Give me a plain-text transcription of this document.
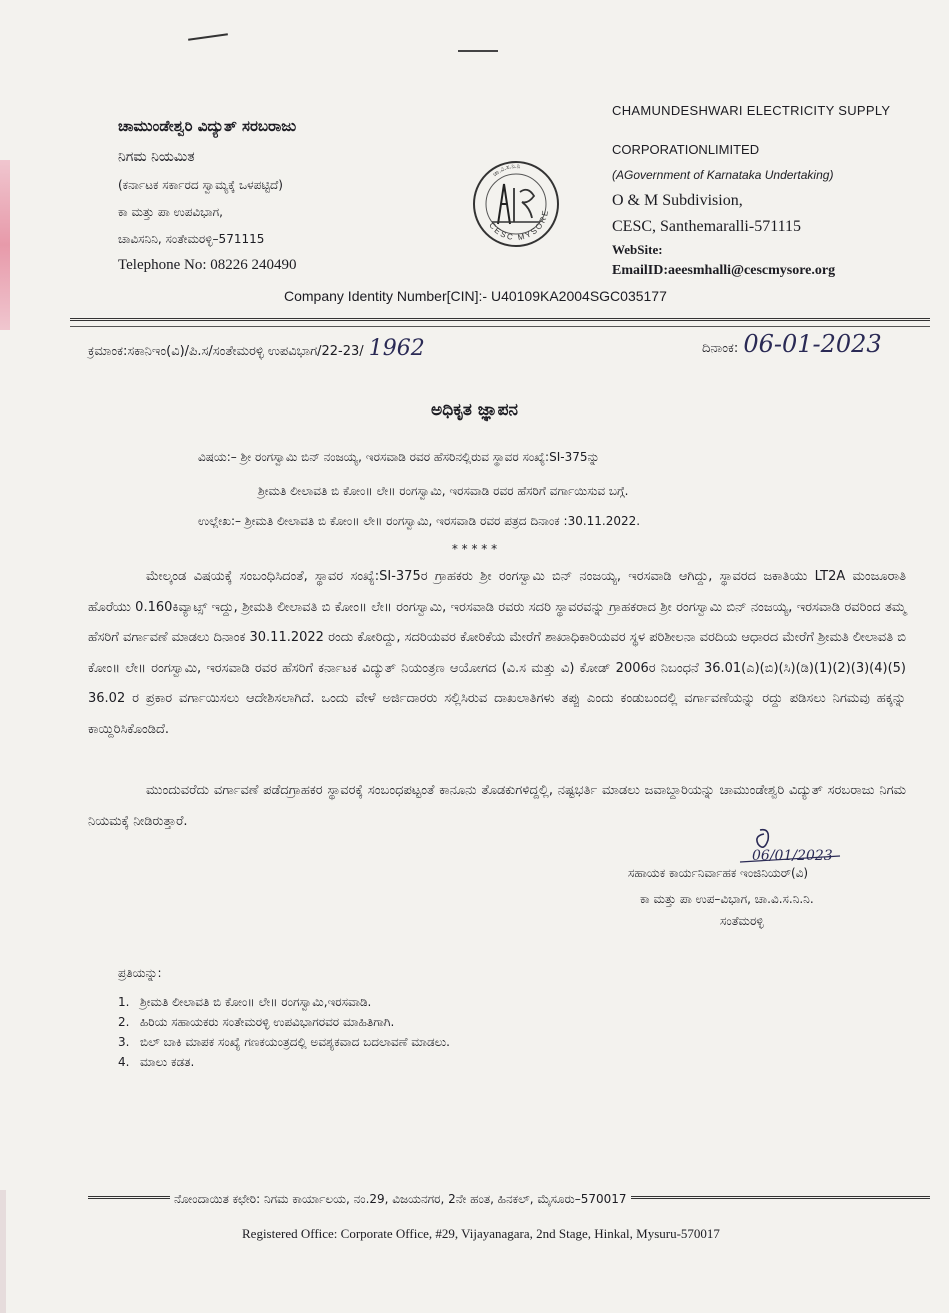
ಚಾಮುಂಡೇಶ್ವರಿ ವಿದ್ಯುತ್ ಸರಬರಾಜು
ನಿಗಮ ನಿಯಮಿತ
(ಕರ್ನಾಟಕ ಸರ್ಕಾರದ ಸ್ವಾಮ್ಯಕ್ಕೆ ಒಳಪಟ್ಟಿದೆ)
ಕಾ ಮತ್ತು ಪಾ ಉಪವಿಭಾಗ,
ಚಾವಿಸನಿನಿ, ಸಂತೇಮರಳ್ಳಿ–571115
Telephone No: 08226 240490
CESC MYSORE
ಚಾ.ವಿ.ಸ.ನಿ.ನಿ
CHAMUNDESHWARI ELECTRICITY SUPPLY
CORPORATIONLIMITED
(AGovernment of Karnataka Undertaking)
O & M Subdivision,
CESC, Santhemaralli-571115
WebSite:
EmailID:aeesmhalli@cescmysore.org
Company Identity Number[CIN]:- U40109KA2004SGC035177
ಕ್ರಮಾಂಕ:ಸಕಾನಿಇಂ(ವಿ)/ಪಿ.ಸ/ಸಂತೇಮರಳ್ಳಿ ಉಪವಿಭಾಗ/22-23/ 1962	ದಿನಾಂಕ: 06-01-2023
ಅಧಿಕೃತ ಜ್ಞಾಪನ
ವಿಷಯ:– ಶ್ರೀ ರಂಗಸ್ವಾಮಿ ಬಿನ್ ನಂಜಯ್ಯ, ಇರಸವಾಡಿ ರವರ ಹೆಸರಿನಲ್ಲಿರುವ ಸ್ಥಾವರ ಸಂಖ್ಯೆ:SI-375ನ್ನು
ಶ್ರೀಮತಿ ಲೀಲಾವತಿ ಬಿ ಕೋಂ॥ ಲೇ॥ ರಂಗಸ್ವಾಮಿ, ಇರಸವಾಡಿ ರವರ ಹೆಸರಿಗೆ ವರ್ಗಾಯಿಸುವ ಬಗ್ಗೆ.
ಉಲ್ಲೇಖ:– ಶ್ರೀಮತಿ ಲೀಲಾವತಿ ಬಿ ಕೋಂ॥ ಲೇ॥ ರಂಗಸ್ವಾಮಿ, ಇರಸವಾಡಿ ರವರ ಪತ್ರದ ದಿನಾಂಕ :30.11.2022.
* * * * *
ಮೇಲ್ಕಂಡ ವಿಷಯಕ್ಕೆ ಸಂಬಂಧಿಸಿದಂತೆ, ಸ್ಥಾವರ ಸಂಖ್ಯೆ:SI-375ರ ಗ್ರಾಹಕರು ಶ್ರೀ ರಂಗಸ್ವಾಮಿ ಬಿನ್ ನಂಜಯ್ಯ, ಇರಸವಾಡಿ ಆಗಿದ್ದು, ಸ್ಥಾವರದ ಜಕಾತಿಯು LT2A ಮಂಜೂರಾತಿ ಹೊರೆಯು 0.160ಕಿವ್ಯಾಟ್ಸ್ ಇದ್ದು, ಶ್ರೀಮತಿ ಲೀಲಾವತಿ ಬಿ ಕೋಂ॥ ಲೇ॥ ರಂಗಸ್ವಾಮಿ, ಇರಸವಾಡಿ ರವರು ಸದರಿ ಸ್ಥಾವರವನ್ನು ಗ್ರಾಹಕರಾದ ಶ್ರೀ ರಂಗಸ್ವಾಮಿ ಬಿನ್ ನಂಜಯ್ಯ, ಇರಸವಾಡಿ ರವರಿಂದ ತಮ್ಮ ಹೆಸರಿಗೆ ವರ್ಗಾವಣೆ ಮಾಡಲು ದಿನಾಂಕ 30.11.2022 ರಂದು ಕೋರಿದ್ದು, ಸದರಿಯವರ ಕೋರಿಕೆಯ ಮೇರೆಗೆ ಶಾಖಾಧಿಕಾರಿಯವರ ಸ್ಥಳ ಪರಿಶೀಲನಾ ವರದಿಯ ಆಧಾರದ ಮೇರೆಗೆ ಶ್ರೀಮತಿ ಲೀಲಾವತಿ ಬಿ ಕೋಂ॥ ಲೇ॥ ರಂಗಸ್ವಾಮಿ, ಇರಸವಾಡಿ ರವರ ಹೆಸರಿಗೆ ಕರ್ನಾಟಕ ವಿದ್ಯುತ್ ನಿಯಂತ್ರಣ ಆಯೋಗದ (ವಿ.ಸ ಮತ್ತು ವಿ) ಕೋಡ್ 2006ರ ನಿಬಂಧನೆ 36.01(ಎ)(ಬಿ)(ಸಿ)(ಡಿ)(1)(2)(3)(4)(5) 36.02 ರ ಪ್ರಕಾರ ವರ್ಗಾಯಿಸಲು ಆದೇಶಿಸಲಾಗಿದೆ. ಒಂದು ವೇಳೆ ಅರ್ಜಿದಾರರು ಸಲ್ಲಿಸಿರುವ ದಾಖಲಾತಿಗಳು ತಪ್ಪು ಎಂದು ಕಂಡುಬಂದಲ್ಲಿ ವರ್ಗಾವಣೆಯನ್ನು ರದ್ದು ಪಡಿಸಲು ನಿಗಮವು ಹಕ್ಕನ್ನು ಕಾಯ್ದಿರಿಸಿಕೊಂಡಿದೆ.
ಮುಂದುವರೆದು ವರ್ಗಾವಣೆ ಪಡೆದಗ್ರಾಹಕರ ಸ್ಥಾವರಕ್ಕೆ ಸಂಬಂಧಪಟ್ಟಂತೆ ಕಾನೂನು ತೊಡಕುಗಳಿದ್ದಲ್ಲಿ, ನಷ್ಟಭರ್ತಿ ಮಾಡಲು ಜವಾಬ್ದಾರಿಯನ್ನು ಚಾಮುಂಡೇಶ್ವರಿ ವಿದ್ಯುತ್ ಸರಬರಾಜು ನಿಗಮ ನಿಯಮಕ್ಕೆ ನೀಡಿರುತ್ತಾರೆ.
06/01/2023
ಸಹಾಯಕ ಕಾರ್ಯನಿರ್ವಾಹಕ ಇಂಜಿನಿಯರ್(ವಿ)
ಕಾ ಮತ್ತು ಪಾ ಉಪ–ವಿಭಾಗ, ಚಾ.ವಿ.ಸ.ನಿ.ನಿ.
ಸಂತೆಮರಳ್ಳಿ
ಪ್ರತಿಯನ್ನು:
1. ಶ್ರೀಮತಿ ಲೀಲಾವತಿ ಬಿ ಕೋಂ॥ ಲೇ॥ ರಂಗಸ್ವಾಮಿ,ಇರಸವಾಡಿ.
2. ಹಿರಿಯ ಸಹಾಯಕರು ಸಂತೇಮರಳ್ಳಿ ಉಪವಿಭಾಗರವರ ಮಾಹಿತಿಗಾಗಿ.
3. ಬಿಲ್ ಬಾಕಿ ಮಾಪಕ ಸಂಖ್ಯೆ ಗಣಕಯಂತ್ರದಲ್ಲಿ ಅವಶ್ಯಕವಾದ ಬದಲಾವಣೆ ಮಾಡಲು.
4. ಮಾಲು ಕಡತ.
ನೋಂದಾಯಿತ ಕಛೇರಿ: ನಿಗಮ ಕಾರ್ಯಾಲಯ, ನಂ.29, ವಿಜಯನಗರ, 2ನೇ ಹಂತ, ಹಿನಕಲ್, ಮೈಸೂರು–570017
Registered Office: Corporate Office, #29, Vijayanagara, 2nd Stage, Hinkal, Mysuru-570017
